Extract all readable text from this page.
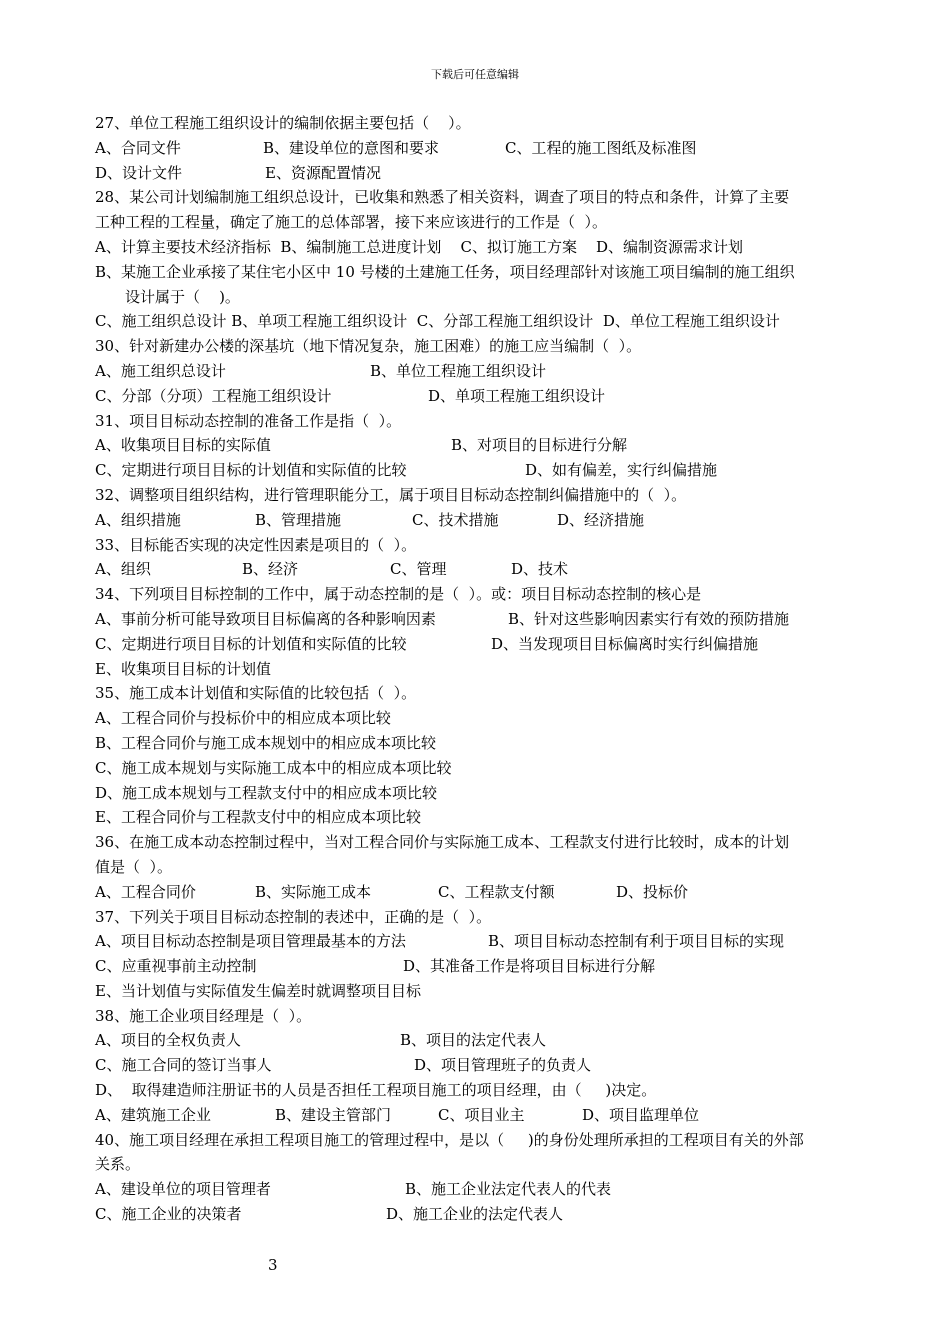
下载后可任意编辑
27、单位工程施工组织设计的编制依据主要包括（    ）。
A、合同文件	B、建设单位的意图和要求	C、工程的施工图纸及标准图
D、设计文件	E、资源配置情况
28、某公司计划编制施工组织总设计，已收集和熟悉了相关资料，调查了项目的特点和条件，计算了主要
工种工程的工程量，确定了施工的总体部署，接下来应该进行的工作是（  ）。
A、计算主要技术经济指标  B、编制施工总进度计划    C、拟订施工方案    D、编制资源需求计划
B、某施工企业承接了某住宅小区中 10 号楼的土建施工任务，项目经理部针对该施工项目编制的施工组织
设计属于（    )。
C、施工组织总设计 B、单项工程施工组织设计  C、分部工程施工组织设计  D、单位工程施工组织设计
30、针对新建办公楼的深基坑（地下情况复杂，施工困难）的施工应当编制（  ）。
A、施工组织总设计	B、单位工程施工组织设计
C、分部（分项）工程施工组织设计	D、单项工程施工组织设计
31、项目目标动态控制的准备工作是指（  ）。
A、收集项目目标的实际值	B、对项目的目标进行分解
C、定期进行项目目标的计划值和实际值的比较	D、如有偏差，实行纠偏措施
32、调整项目组织结构，进行管理职能分工，属于项目目标动态控制纠偏措施中的（  ）。
A、组织措施	B、管理措施	C、技术措施	D、经济措施
33、目标能否实现的决定性因素是项目的（  ）。
A、组织	B、经济	C、管理	D、技术
34、下列项目目标控制的工作中，属于动态控制的是（  ）。或：项目目标动态控制的核心是
A、事前分析可能导致项目目标偏离的各种影响因素	B、针对这些影响因素实行有效的预防措施
C、定期进行项目目标的计划值和实际值的比较	D、当发现项目目标偏离时实行纠偏措施
E、收集项目目标的计划值
35、施工成本计划值和实际值的比较包括（  ）。
A、工程合同价与投标价中的相应成本项比较
B、工程合同价与施工成本规划中的相应成本项比较
C、施工成本规划与实际施工成本中的相应成本项比较
D、施工成本规划与工程款支付中的相应成本项比较
E、工程合同价与工程款支付中的相应成本项比较
36、在施工成本动态控制过程中，当对工程合同价与实际施工成本、工程款支付进行比较时，成本的计划
值是（  ）。
A、工程合同价	B、实际施工成本	C、工程款支付额	D、投标价
37、下列关于项目目标动态控制的表述中，正确的是（  ）。
A、项目目标动态控制是项目管理最基本的方法	B、项目目标动态控制有利于项目目标的实现
C、应重视事前主动控制	D、其准备工作是将项目目标进行分解
E、当计划值与实际值发生偏差时就调整项目目标
38、施工企业项目经理是（  ）。
A、项目的全权负责人	B、项目的法定代表人
C、施工合同的签订当事人	D、项目管理班子的负责人
D、  取得建造师注册证书的人员是否担任工程项目施工的项目经理，由（     )决定。
A、建筑施工企业	B、建设主管部门	C、项目业主	D、项目监理单位
40、施工项目经理在承担工程项目施工的管理过程中，是以（     )的身份处理所承担的工程项目有关的外部
关系。
A、建设单位的项目管理者	B、施工企业法定代表人的代表
C、施工企业的决策者	D、施工企业的法定代表人
3
